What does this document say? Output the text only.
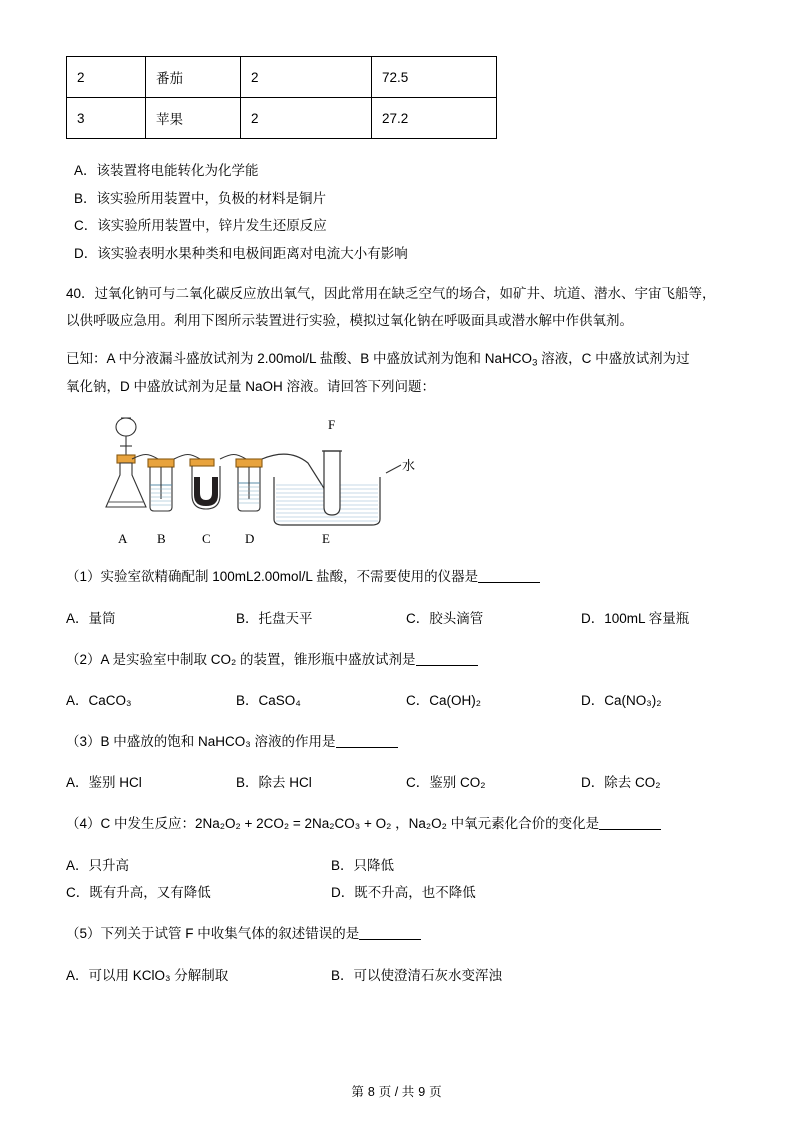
2	番茄	2	72.5
3	苹果	2	27.2

A．该装置将电能转化为化学能

B．该实验所用装置中，负极的材料是铜片

C．该实验所用装置中，锌片发生还原反应

D．该实验表明水果种类和电极间距离对电流大小有影响

40．过氧化钠可与二氧化碳反应放出氧气，因此常用在缺乏空气的场合，如矿井、坑道、潜水、宇宙飞船等，

以供呼吸应急用。利用下图所示装置进行实验，模拟过氧化钠在呼吸面具或潜水解中作供氧剂。

已知：A 中分液漏斗盛放试剂为 2.00mol/L 盐酸、B 中盛放试剂为饱和 NaHCO$_3$ 溶液，C 中盛放试剂为过

氧化钠，D 中盛放试剂为足量 NaOH 溶液。请回答下列问题：

A B	C	D	E
F
水

（1）实验室欲精确配制 100mL2.00mol/L 盐酸，不需要使用的仪器是

A．量筒	B．托盘天平	C．胶头滴管	D．100mL 容量瓶

（2）A 是实验室中制取 CO₂ 的装置，锥形瓶中盛放试剂是

A．CaCO₃	B．CaSO₄	C．Ca(OH)₂	D．Ca(NO₃)₂

（3）B 中盛放的饱和 NaHCO₃ 溶液的作用是

A．鉴别 HCl	B．除去 HCl	C．鉴别 CO₂	D．除去 CO₂

（4）C 中发生反应：2Na₂O₂ + 2CO₂ = 2Na₂CO₃ + O₂ ，Na₂O₂ 中氧元素化合价的变化是

A．只升高	B．只降低
C．既有升高，又有降低	D．既不升高，也不降低

（5）下列关于试管 F 中收集气体的叙述错误的是

A．可以用 KClO₃ 分解制取	B．可以使澄清石灰水变浑浊
第 8 页 / 共 9 页
